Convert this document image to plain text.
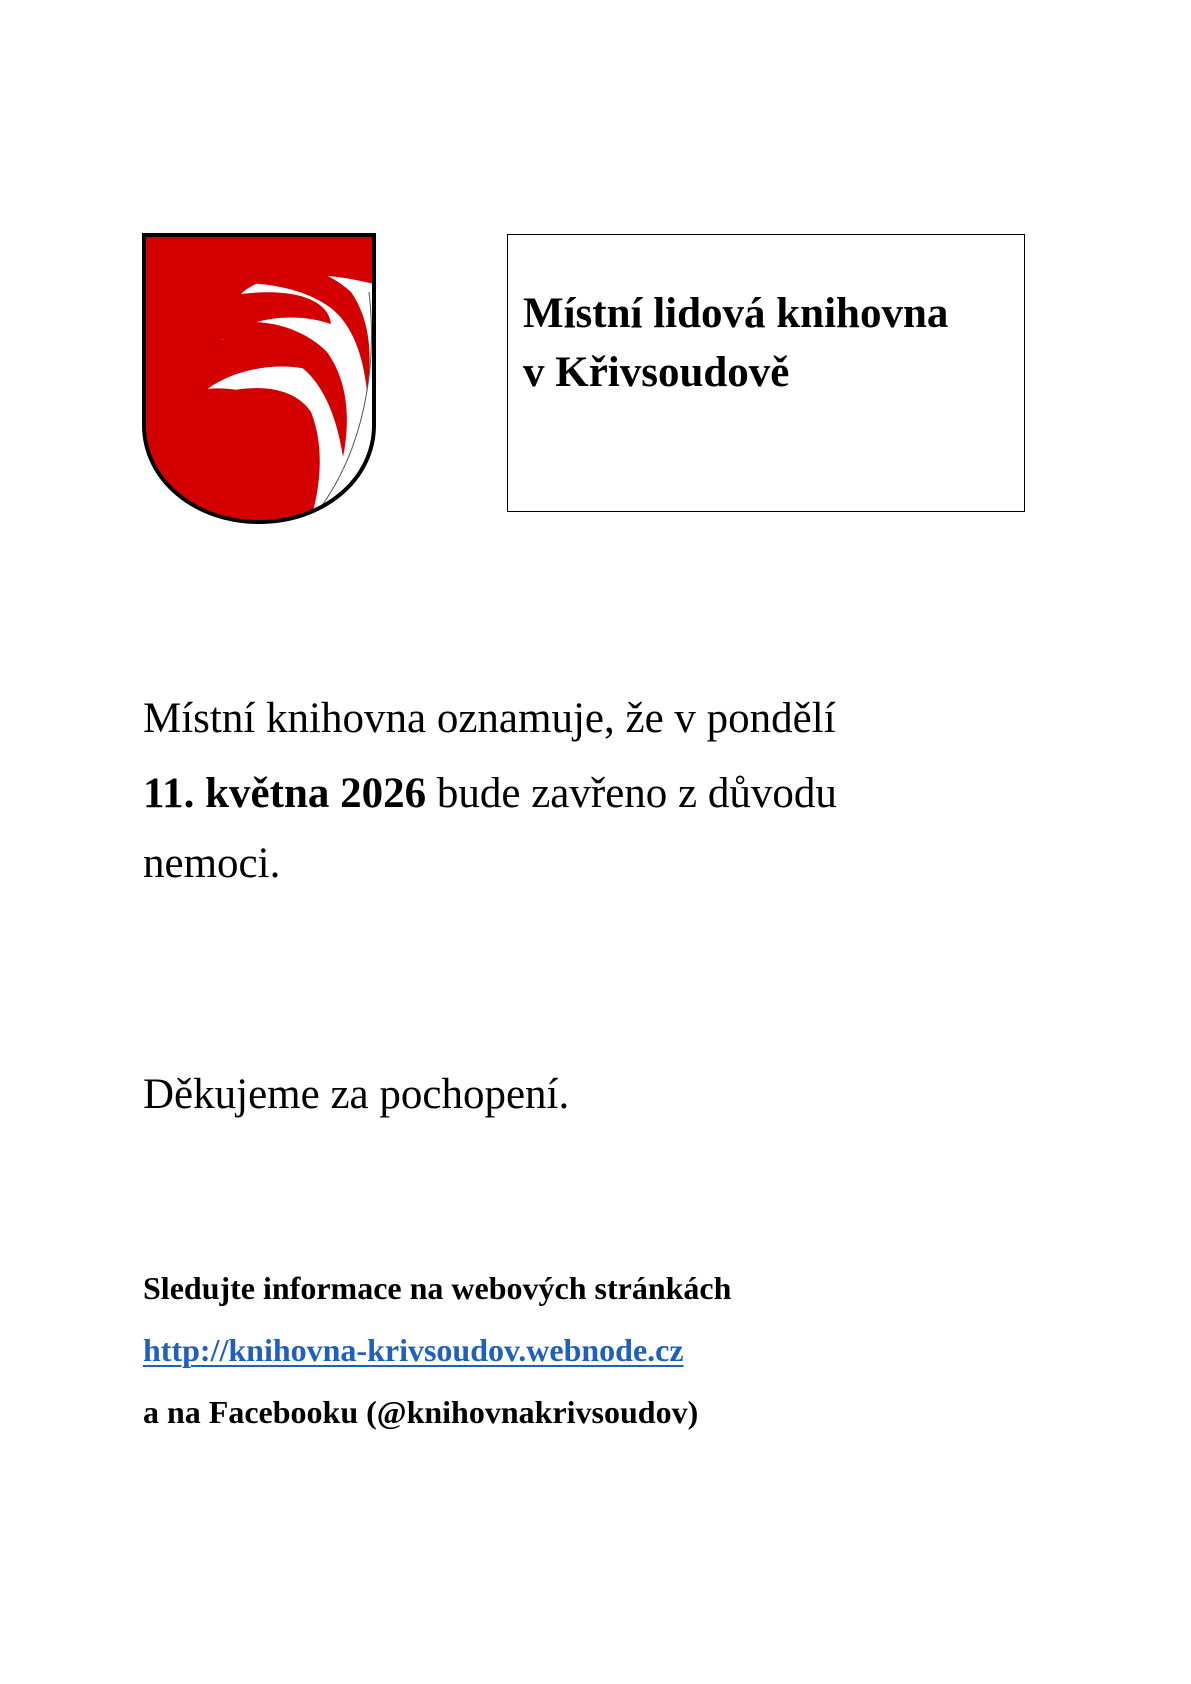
Místní lidová knihovna
v Křivsoudově
Místní knihovna oznamuje, že v pondělí
11. května 2026 bude zavřeno z důvodu
nemoci.
Děkujeme za pochopení.
Sledujte informace na webových stránkách
http://knihovna-krivsoudov.webnode.cz
a na Facebooku (@knihovnakrivsoudov)
